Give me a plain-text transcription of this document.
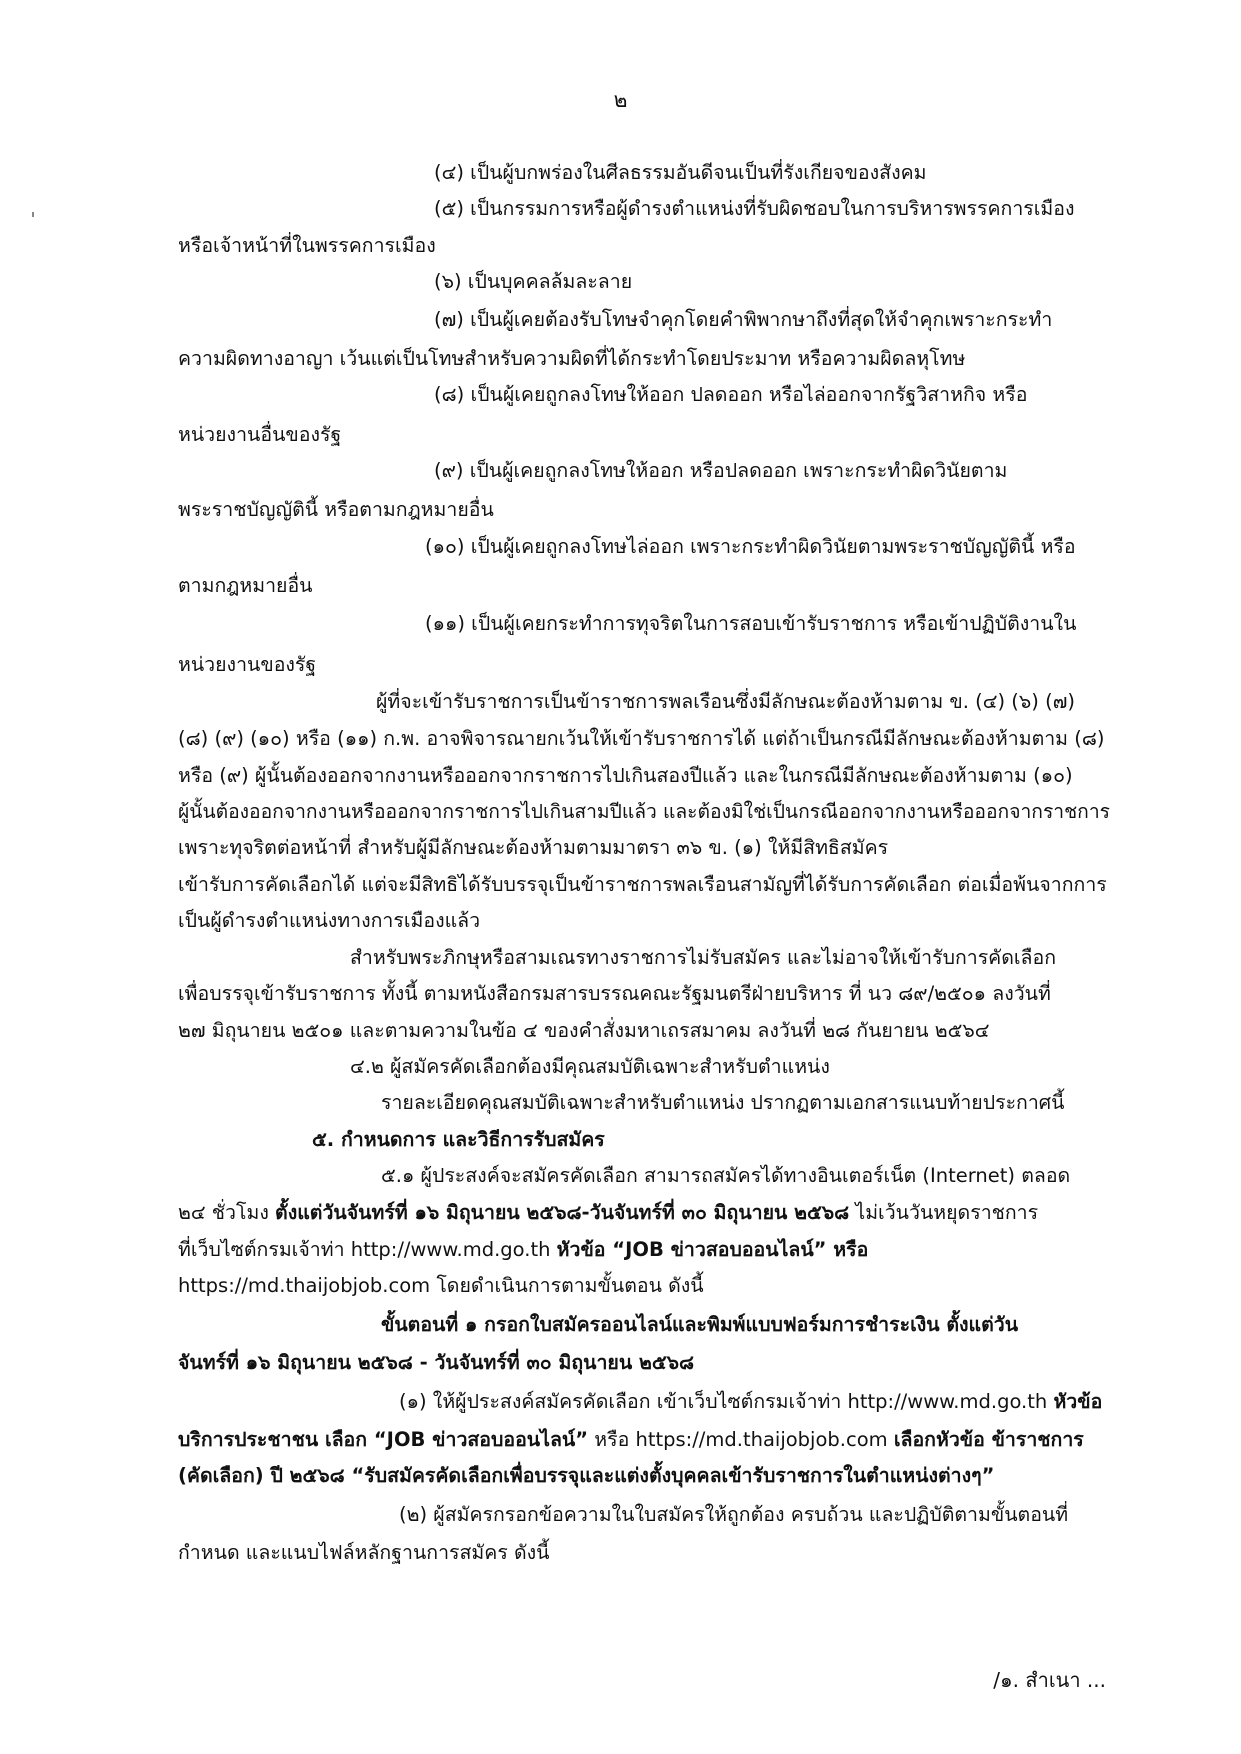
๒
(๔) เป็นผู้บกพร่องในศีลธรรมอันดีจนเป็นที่รังเกียจของสังคม
(๕) เป็นกรรมการหรือผู้ดำรงตำแหน่งที่รับผิดชอบในการบริหารพรรคการเมือง
หรือเจ้าหน้าที่ในพรรคการเมือง
(๖) เป็นบุคคลล้มละลาย
(๗) เป็นผู้เคยต้องรับโทษจำคุกโดยคำพิพากษาถึงที่สุดให้จำคุกเพราะกระทำ
ความผิดทางอาญา เว้นแต่เป็นโทษสำหรับความผิดที่ได้กระทำโดยประมาท หรือความผิดลหุโทษ
(๘) เป็นผู้เคยถูกลงโทษให้ออก ปลดออก หรือไล่ออกจากรัฐวิสาหกิจ หรือ
หน่วยงานอื่นของรัฐ
(๙) เป็นผู้เคยถูกลงโทษให้ออก หรือปลดออก เพราะกระทำผิดวินัยตาม
พระราชบัญญัตินี้ หรือตามกฎหมายอื่น
(๑๐) เป็นผู้เคยถูกลงโทษไล่ออก เพราะกระทำผิดวินัยตามพระราชบัญญัตินี้ หรือ
ตามกฎหมายอื่น
(๑๑) เป็นผู้เคยกระทำการทุจริตในการสอบเข้ารับราชการ หรือเข้าปฏิบัติงานใน
หน่วยงานของรัฐ
ผู้ที่จะเข้ารับราชการเป็นข้าราชการพลเรือนซึ่งมีลักษณะต้องห้ามตาม ข. (๔) (๖) (๗)
(๘) (๙) (๑๐) หรือ (๑๑) ก.พ. อาจพิจารณายกเว้นให้เข้ารับราชการได้ แต่ถ้าเป็นกรณีมีลักษณะต้องห้ามตาม (๘)
หรือ (๙) ผู้นั้นต้องออกจากงานหรือออกจากราชการไปเกินสองปีแล้ว และในกรณีมีลักษณะต้องห้ามตาม (๑๐)
ผู้นั้นต้องออกจากงานหรือออกจากราชการไปเกินสามปีแล้ว และต้องมิใช่เป็นกรณีออกจากงานหรือออกจากราชการ
เพราะทุจริตต่อหน้าที่ สำหรับผู้มีลักษณะต้องห้ามตามมาตรา ๓๖ ข. (๑) ให้มีสิทธิสมัคร
เข้ารับการคัดเลือกได้ แต่จะมีสิทธิได้รับบรรจุเป็นข้าราชการพลเรือนสามัญที่ได้รับการคัดเลือก ต่อเมื่อพ้นจากการ
เป็นผู้ดำรงตำแหน่งทางการเมืองแล้ว
สำหรับพระภิกษุหรือสามเณรทางราชการไม่รับสมัคร และไม่อาจให้เข้ารับการคัดเลือก
เพื่อบรรจุเข้ารับราชการ ทั้งนี้ ตามหนังสือกรมสารบรรณคณะรัฐมนตรีฝ่ายบริหาร ที่ นว ๘๙/๒๕๐๑ ลงวันที่
๒๗ มิถุนายน ๒๕๐๑ และตามความในข้อ ๔ ของคำสั่งมหาเถรสมาคม ลงวันที่ ๒๘ กันยายน ๒๕๖๔
๔.๒ ผู้สมัครคัดเลือกต้องมีคุณสมบัติเฉพาะสำหรับตำแหน่ง
รายละเอียดคุณสมบัติเฉพาะสำหรับตำแหน่ง ปรากฏตามเอกสารแนบท้ายประกาศนี้
๕. กำหนดการ และวิธีการรับสมัคร
๕.๑ ผู้ประสงค์จะสมัครคัดเลือก สามารถสมัครได้ทางอินเตอร์เน็ต (Internet) ตลอด
๒๔ ชั่วโมง ตั้งแต่วันจันทร์ที่ ๑๖ มิถุนายน ๒๕๖๘-วันจันทร์ที่ ๓๐ มิถุนายน ๒๕๖๘ ไม่เว้นวันหยุดราชการ
ที่เว็บไซต์กรมเจ้าท่า http://www.md.go.th หัวข้อ “JOB ข่าวสอบออนไลน์” หรือ
https://md.thaijobjob.com โดยดำเนินการตามขั้นตอน ดังนี้
ขั้นตอนที่ ๑ กรอกใบสมัครออนไลน์และพิมพ์แบบฟอร์มการชำระเงิน ตั้งแต่วัน
จันทร์ที่ ๑๖ มิถุนายน ๒๕๖๘ - วันจันทร์ที่ ๓๐ มิถุนายน ๒๕๖๘
(๑) ให้ผู้ประสงค์สมัครคัดเลือก เข้าเว็บไซต์กรมเจ้าท่า http://www.md.go.th หัวข้อ
บริการประชาชน เลือก “JOB ข่าวสอบออนไลน์” หรือ https://md.thaijobjob.com เลือกหัวข้อ ข้าราชการ
(คัดเลือก) ปี ๒๕๖๘ “รับสมัครคัดเลือกเพื่อบรรจุและแต่งตั้งบุคคลเข้ารับราชการในตำแหน่งต่างๆ”
(๒) ผู้สมัครกรอกข้อความในใบสมัครให้ถูกต้อง ครบถ้วน และปฏิบัติตามขั้นตอนที่
กำหนด และแนบไฟล์หลักฐานการสมัคร ดังนี้
/๑. สำเนา ...
